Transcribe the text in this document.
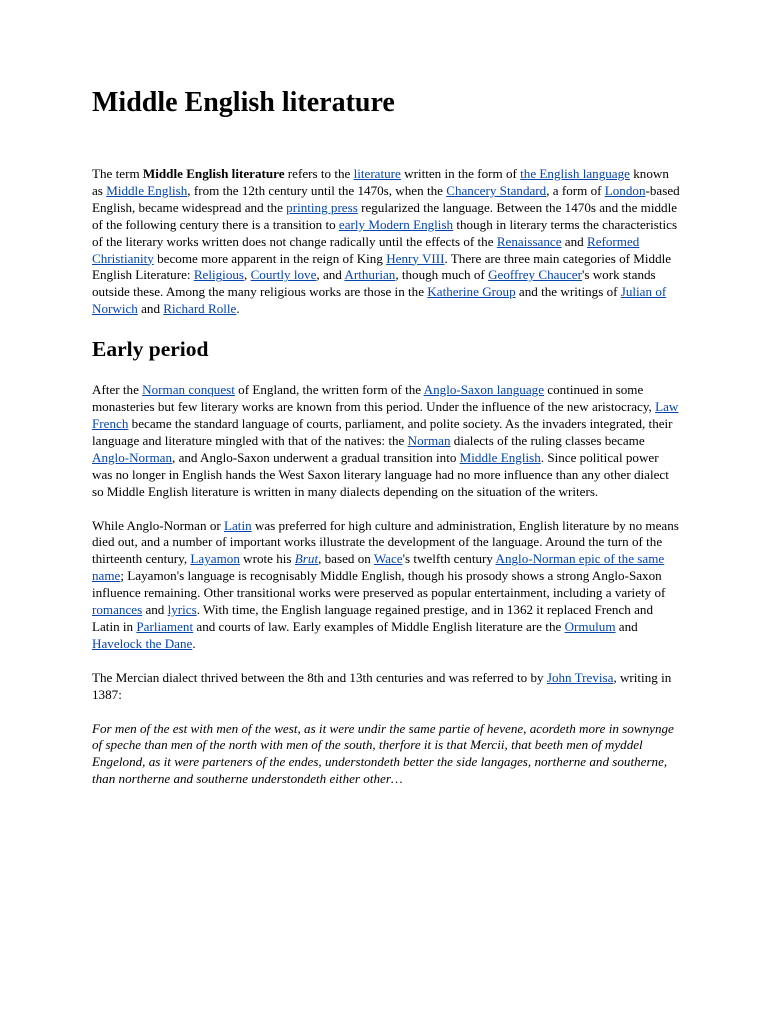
Middle English literature

The term Middle English literature refers to the literature written in the form of the English language known as Middle English, from the 12th century until the 1470s, when the Chancery Standard, a form of London-based English, became widespread and the printing press regularized the language. Between the 1470s and the middle of the following century there is a transition to early Modern English though in literary terms the characteristics of the literary works written does not change radically until the effects of the Renaissance and Reformed Christianity become more apparent in the reign of King Henry VIII. There are three main categories of Middle English Literature: Religious, Courtly love, and Arthurian, though much of Geoffrey Chaucer's work stands outside these. Among the many religious works are those in the Katherine Group and the writings of Julian of Norwich and Richard Rolle.

Early period

After the Norman conquest of England, the written form of the Anglo-Saxon language continued in some monasteries but few literary works are known from this period. Under the influence of the new aristocracy, Law French became the standard language of courts, parliament, and polite society. As the invaders integrated, their language and literature mingled with that of the natives: the Norman dialects of the ruling classes became Anglo-Norman, and Anglo-Saxon underwent a gradual transition into Middle English. Since political power was no longer in English hands the West Saxon literary language had no more influence than any other dialect so Middle English literature is written in many dialects depending on the situation of the writers.

While Anglo-Norman or Latin was preferred for high culture and administration, English literature by no means died out, and a number of important works illustrate the development of the language. Around the turn of the thirteenth century, Layamon wrote his Brut, based on Wace's twelfth century Anglo-Norman epic of the same name; Layamon's language is recognisably Middle English, though his prosody shows a strong Anglo-Saxon influence remaining. Other transitional works were preserved as popular entertainment, including a variety of romances and lyrics. With time, the English language regained prestige, and in 1362 it replaced French and Latin in Parliament and courts of law. Early examples of Middle English literature are the Ormulum and Havelock the Dane.

The Mercian dialect thrived between the 8th and 13th centuries and was referred to by John Trevisa, writing in 1387:

For men of the est with men of the west, as it were undir the same partie of hevene, acordeth more in sownynge of speche than men of the north with men of the south, therfore it is that Mercii, that beeth men of myddel Engelond, as it were parteners of the endes, understondeth better the side langages, northerne and southerne, than northerne and southerne understondeth either other…
